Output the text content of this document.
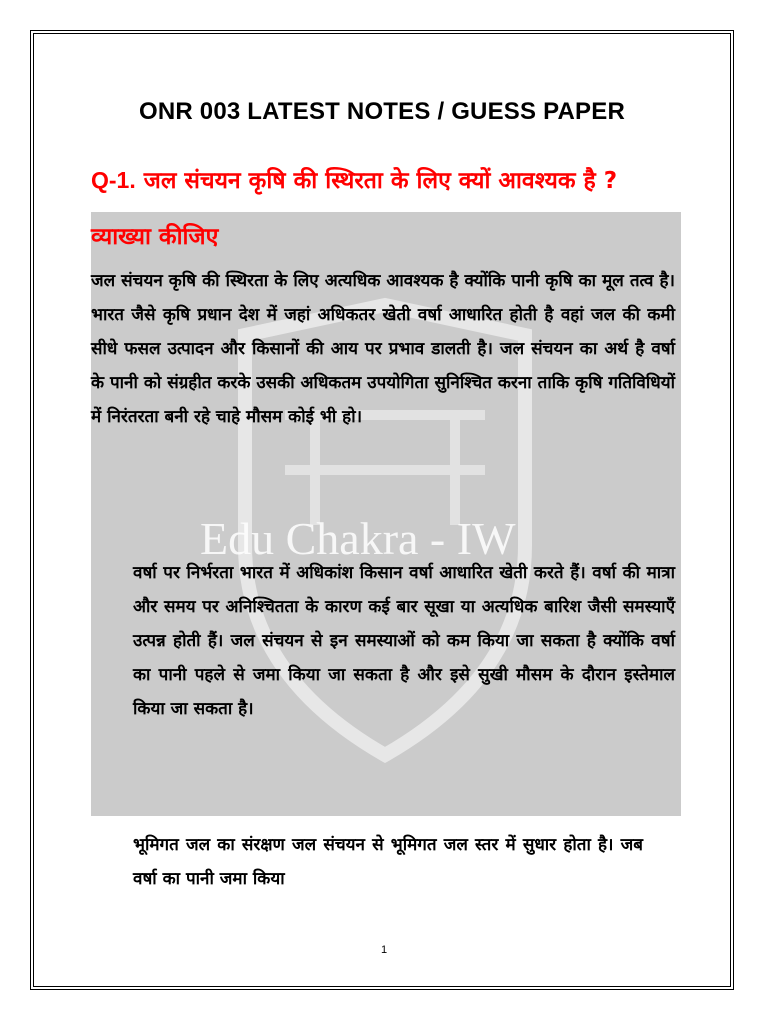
Edu Chakra - IW
ONR 003 LATEST NOTES / GUESS PAPER
Q-1. जल संचयन कृषि की स्थिरता के लिए क्यों आवश्यक है ? व्याख्या कीजिए
जल संचयन कृषि की स्थिरता के लिए अत्यधिक आवश्यक है क्योंकि पानी कृषि का मूल तत्व है। भारत जैसे कृषि प्रधान देश में जहां अधिकतर खेती वर्षा आधारित होती है वहां जल की कमी सीधे फसल उत्पादन और किसानों की आय पर प्रभाव डालती है। जल संचयन का अर्थ है वर्षा के पानी को संग्रहीत करके उसकी अधिकतम उपयोगिता सुनिश्चित करना ताकि कृषि गतिविधियों में निरंतरता बनी रहे चाहे मौसम कोई भी हो।
वर्षा पर निर्भरता भारत में अधिकांश किसान वर्षा आधारित खेती करते हैं। वर्षा की मात्रा और समय पर अनिश्चितता के कारण कई बार सूखा या अत्यधिक बारिश जैसी समस्याएँ उत्पन्न होती हैं। जल संचयन से इन समस्याओं को कम किया जा सकता है क्योंकि वर्षा का पानी पहले से जमा किया जा सकता है और इसे सुखी मौसम के दौरान इस्तेमाल किया जा सकता है।
भूमिगत जल का संरक्षण जल संचयन से भूमिगत जल स्तर में सुधार होता है। जब वर्षा का पानी जमा किया
1
